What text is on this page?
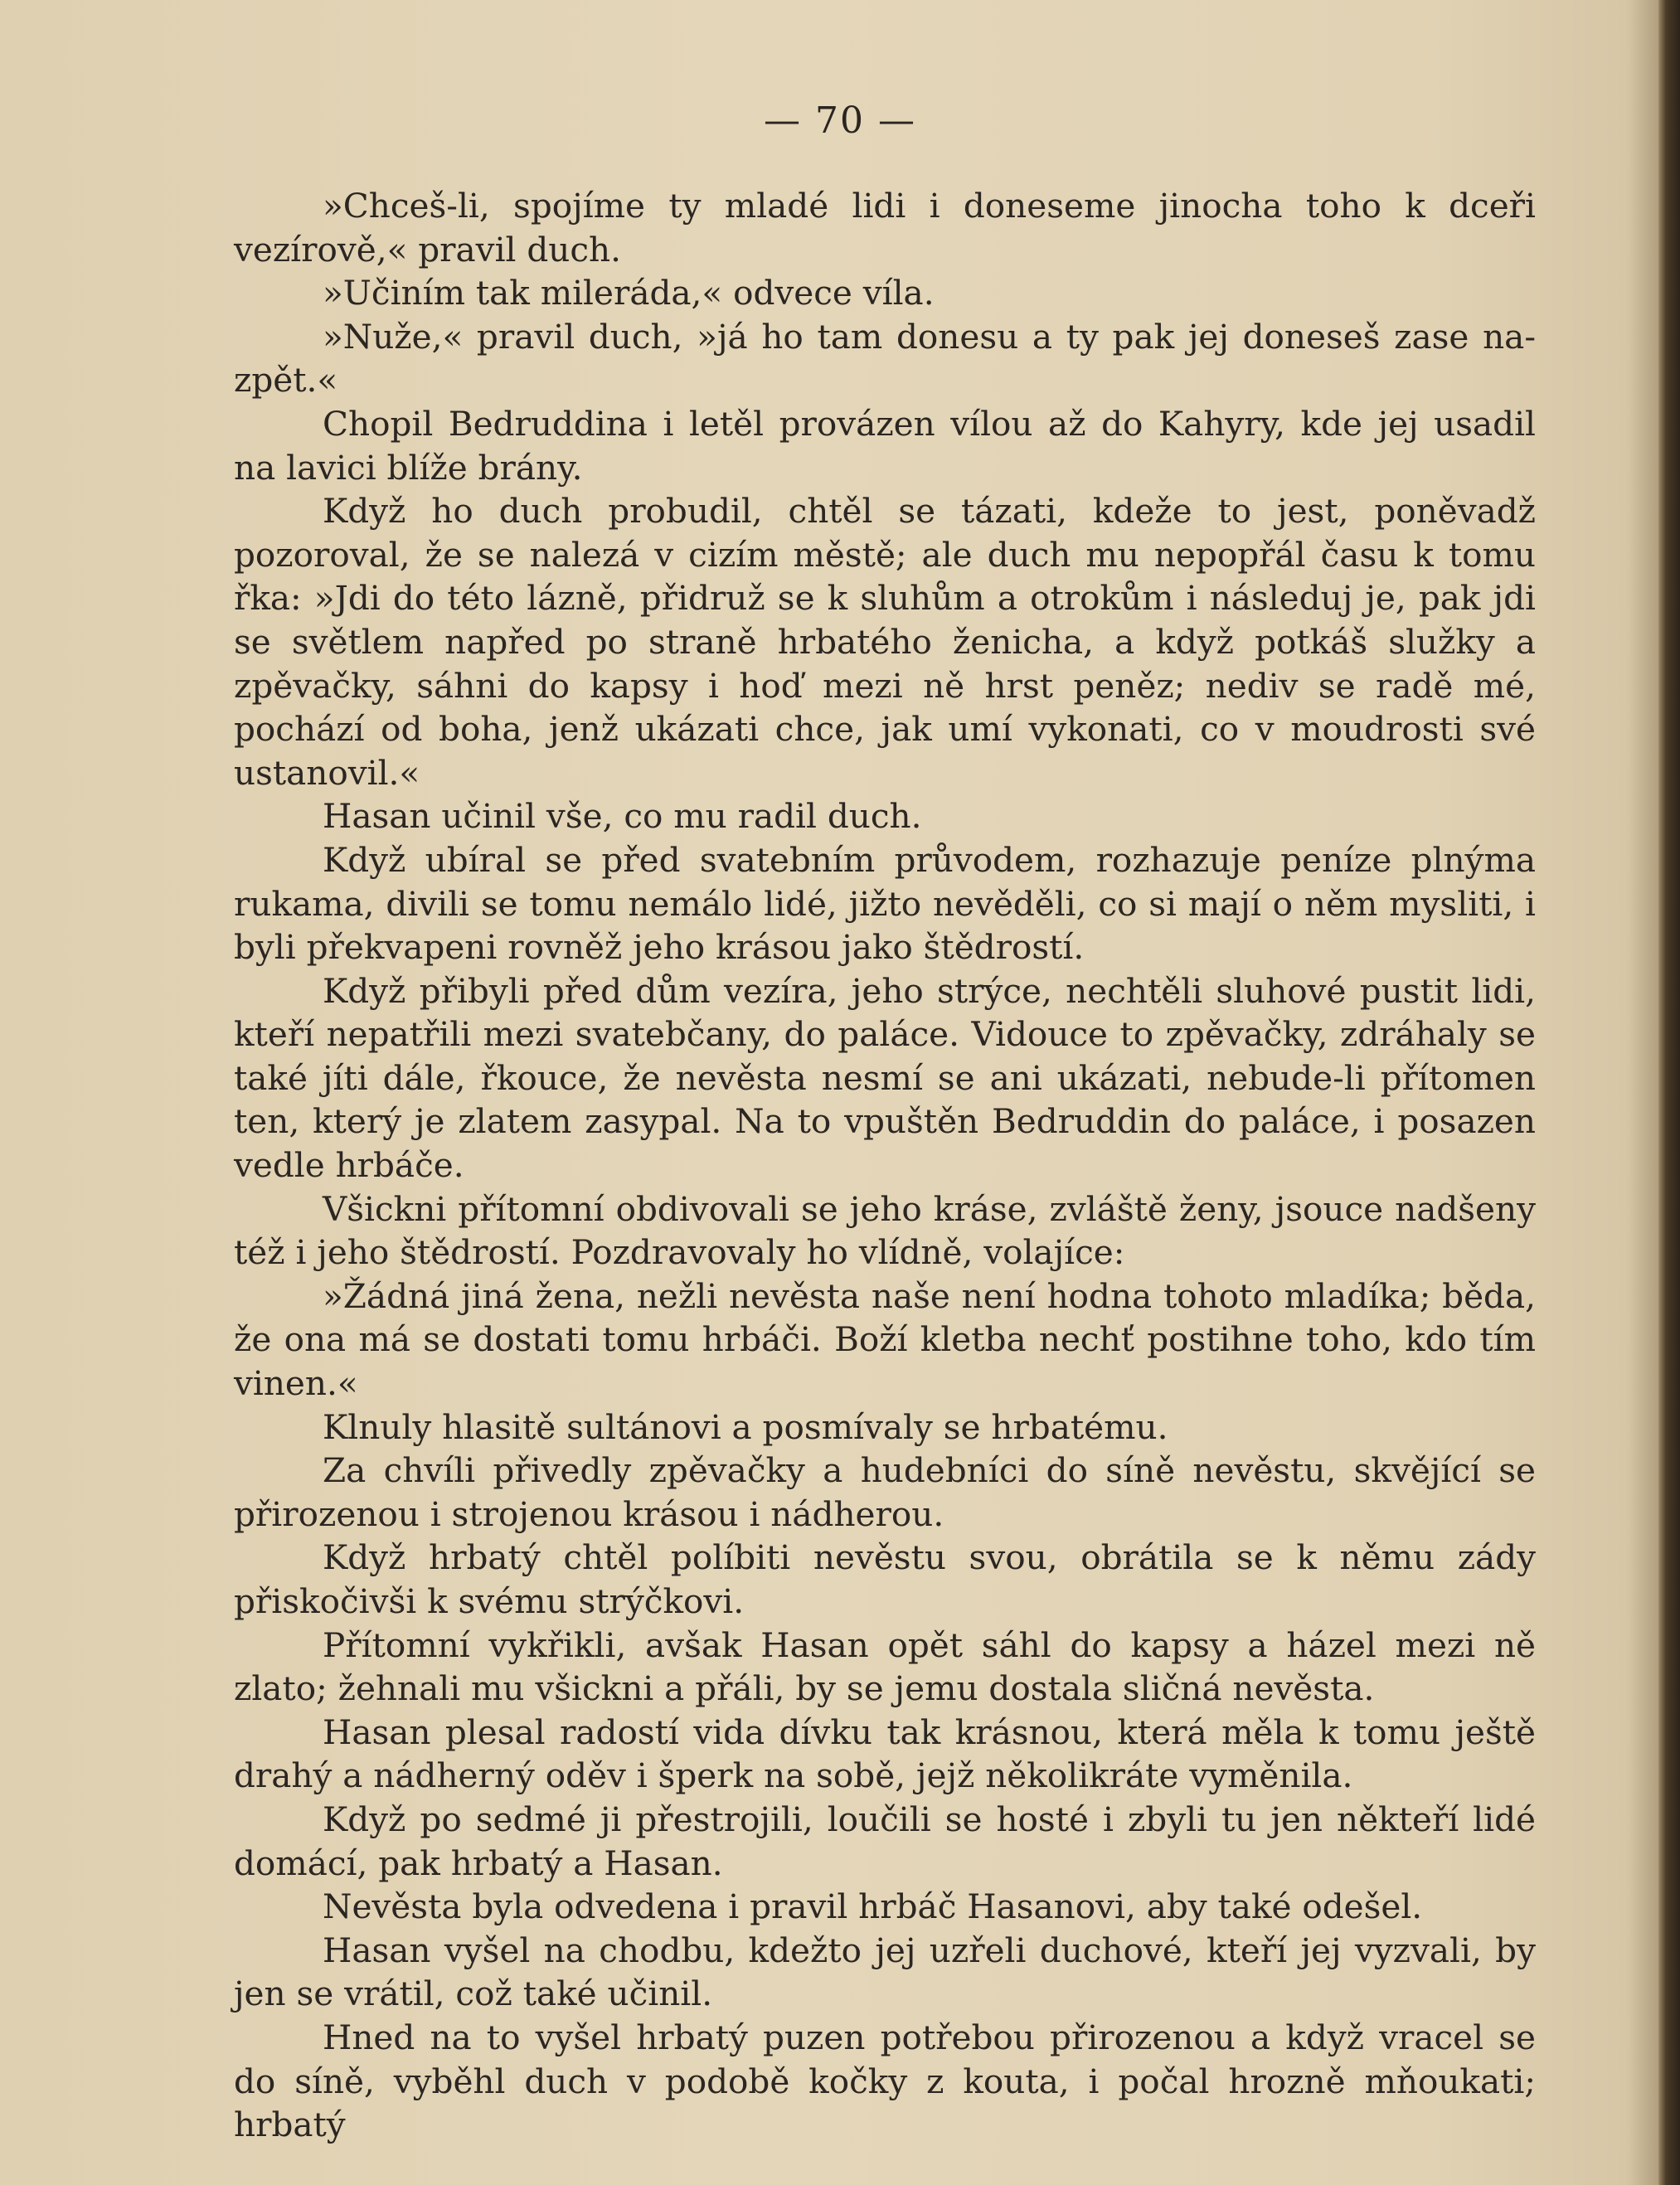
— 70 —

»Chceš-li, spojíme ty mladé lidi i doneseme jinocha toho k dceři vezírově,« pravil duch.

»Učiním tak mileráda,« odvece víla.

»Nuže,« pravil duch, »já ho tam donesu a ty pak jej doneseš zase nazpět.«

Chopil Bedruddina i letěl provázen vílou až do Kahyry, kde jej usadil na lavici blíže brány.

Když ho duch probudil, chtěl se tázati, kdeže to jest, poněvadž pozoroval, že se nalezá v cizím městě; ale duch mu nepopřál času k tomu řka: »Jdi do této lázně, přidruž se k sluhům a otrokům i následuj je, pak jdi se světlem napřed po straně hrbatého ženicha, a když potkáš služky a zpěvačky, sáhni do kapsy i hoď mezi ně hrst peněz; nediv se radě mé, pochází od boha, jenž ukázati chce, jak umí vykonati, co v moudrosti své ustanovil.«

Hasan učinil vše, co mu radil duch.

Když ubíral se před svatebním průvodem, rozhazuje peníze plnýma rukama, divili se tomu nemálo lidé, jižto nevěděli, co si mají o něm mysliti, i byli překvapeni rovněž jeho krásou jako štědrostí.

Když přibyli před dům vezíra, jeho strýce, nechtěli sluhové pustit lidi, kteří nepatřili mezi svatebčany, do paláce. Vidouce to zpěvačky, zdráhaly se také jíti dále, řkouce, že nevěsta nesmí se ani ukázati, nebude-li přítomen ten, který je zlatem zasypal. Na to vpuštěn Bedruddin do paláce, i posazen vedle hrbáče.

Všickni přítomní obdivovali se jeho kráse, zvláště ženy, jsouce nadšeny též i jeho štědrostí. Pozdravovaly ho vlídně, volajíce:

»Žádná jiná žena, nežli nevěsta naše není hodna tohoto mladíka; běda, že ona má se dostati tomu hrbáči. Boží kletba nechť postihne toho, kdo tím vinen.«

Klnuly hlasitě sultánovi a posmívaly se hrbatému.

Za chvíli přivedly zpěvačky a hudebníci do síně nevěstu, skvějící se přirozenou i strojenou krásou i nádherou.

Když hrbatý chtěl políbiti nevěstu svou, obrátila se k němu zády přiskočivši k svému strýčkovi.

Přítomní vykřikli, avšak Hasan opět sáhl do kapsy a házel mezi ně zlato; žehnali mu všickni a přáli, by se jemu dostala sličná nevěsta.

Hasan plesal radostí vida dívku tak krásnou, která měla k tomu ještě drahý a nádherný oděv i šperk na sobě, jejž několikráte vyměnila.

Když po sedmé ji přestrojili, loučili se hosté i zbyli tu jen někteří lidé domácí, pak hrbatý a Hasan.

Nevěsta byla odvedena i pravil hrbáč Hasanovi, aby také odešel.

Hasan vyšel na chodbu, kdežto jej uzřeli duchové, kteří jej vyzvali, by jen se vrátil, což také učinil.

Hned na to vyšel hrbatý puzen potřebou přirozenou a když vracel se do síně, vyběhl duch v podobě kočky z kouta, i počal hrozně mňoukati; hrbatý
